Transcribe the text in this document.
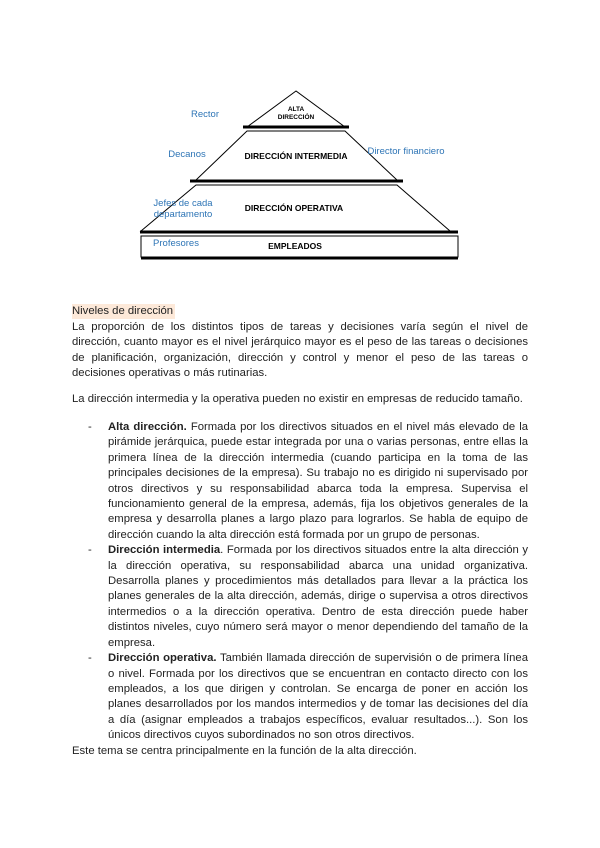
ALTA
DIRECCIÓN
DIRECCIÓN INTERMEDIA
DIRECCIÓN OPERATIVA
EMPLEADOS
Rector
Decanos	Director financiero
Jefes de cada
departamento
Profesores
Niveles de dirección
La proporción de los distintos tipos de tareas y decisiones varía según el nivel de dirección, cuanto mayor es el nivel jerárquico mayor es el peso de las tareas o decisiones de planificación, organización, dirección y control y menor el peso de las tareas o decisiones operativas o más rutinarias.
La dirección intermedia y la operativa pueden no existir en empresas de reducido tamaño.
- Alta dirección. Formada por los directivos situados en el nivel más elevado de la pirámide jerárquica, puede estar integrada por una o varias personas, entre ellas la primera línea de la dirección intermedia (cuando participa en la toma de las principales decisiones de la empresa). Su trabajo no es dirigido ni supervisado por otros directivos y su responsabilidad abarca toda la empresa. Supervisa el funcionamiento general de la empresa, además, fija los objetivos generales de la empresa y desarrolla planes a largo plazo para lograrlos. Se habla de equipo de dirección cuando la alta dirección está formada por un grupo de personas.
- Dirección intermedia. Formada por los directivos situados entre la alta dirección y la dirección operativa, su responsabilidad abarca una unidad organizativa. Desarrolla planes y procedimientos más detallados para llevar a la práctica los planes generales de la alta dirección, además, dirige o supervisa a otros directivos intermedios o a la dirección operativa. Dentro de esta dirección puede haber distintos niveles, cuyo número será mayor o menor dependiendo del tamaño de la empresa.
- Dirección operativa. También llamada dirección de supervisión o de primera línea o nivel. Formada por los directivos que se encuentran en contacto directo con los empleados, a los que dirigen y controlan. Se encarga de poner en acción los planes desarrollados por los mandos intermedios y de tomar las decisiones del día a día (asignar empleados a trabajos específicos, evaluar resultados...). Son los únicos directivos cuyos subordinados no son otros directivos.
Este tema se centra principalmente en la función de la alta dirección.
